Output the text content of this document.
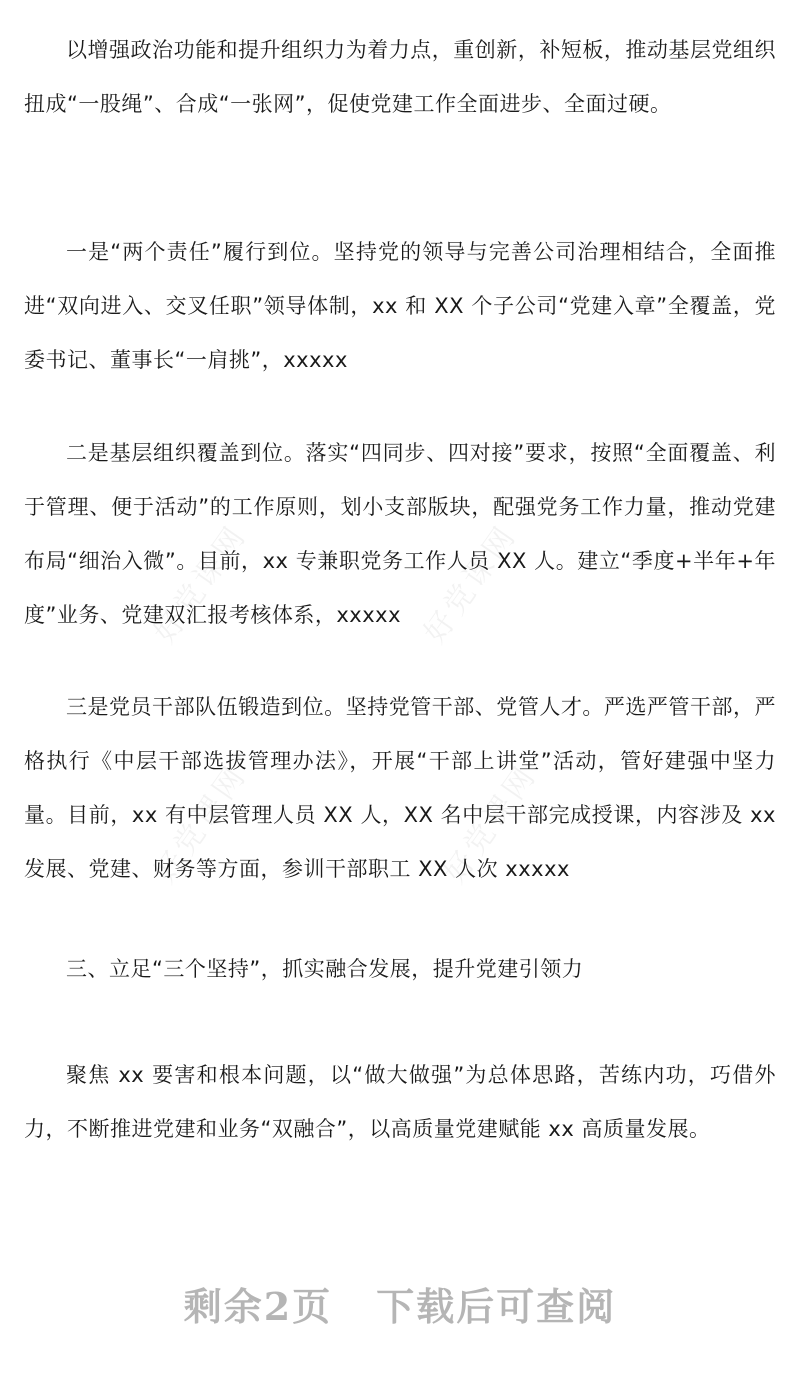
好党课网	好党课网
好党课网	好党课网

以增强政治功能和提升组织力为着力点，重创新，补短板，推动基层党组织扭成“一股绳”、合成“一张网”，促使党建工作全面进步、全面过硬。

一是“两个责任”履行到位。坚持党的领导与完善公司治理相结合，全面推进“双向进入、交叉任职”领导体制，xx 和 XX 个子公司“党建入章”全覆盖，党委书记、董事长“一肩挑”，xxxxx

二是基层组织覆盖到位。落实“四同步、四对接”要求，按照“全面覆盖、利于管理、便于活动”的工作原则，划小支部版块，配强党务工作力量，推动党建布局“细治入微”。目前，xx 专兼职党务工作人员 XX 人。建立“季度+半年+年度”业务、党建双汇报考核体系，xxxxx

三是党员干部队伍锻造到位。坚持党管干部、党管人才。严选严管干部，严格执行《中层干部选拔管理办法》，开展“干部上讲堂”活动，管好建强中坚力量。目前，xx 有中层管理人员 XX 人，XX 名中层干部完成授课，内容涉及 xx 发展、党建、财务等方面，参训干部职工 XX 人次 xxxxx

三、立足“三个坚持”，抓实融合发展，提升党建引领力

聚焦 xx 要害和根本问题，以“做大做强”为总体思路，苦练内功，巧借外力，不断推进党建和业务“双融合”，以高质量党建赋能 xx 高质量发展。

剩余2页 下载后可查阅
